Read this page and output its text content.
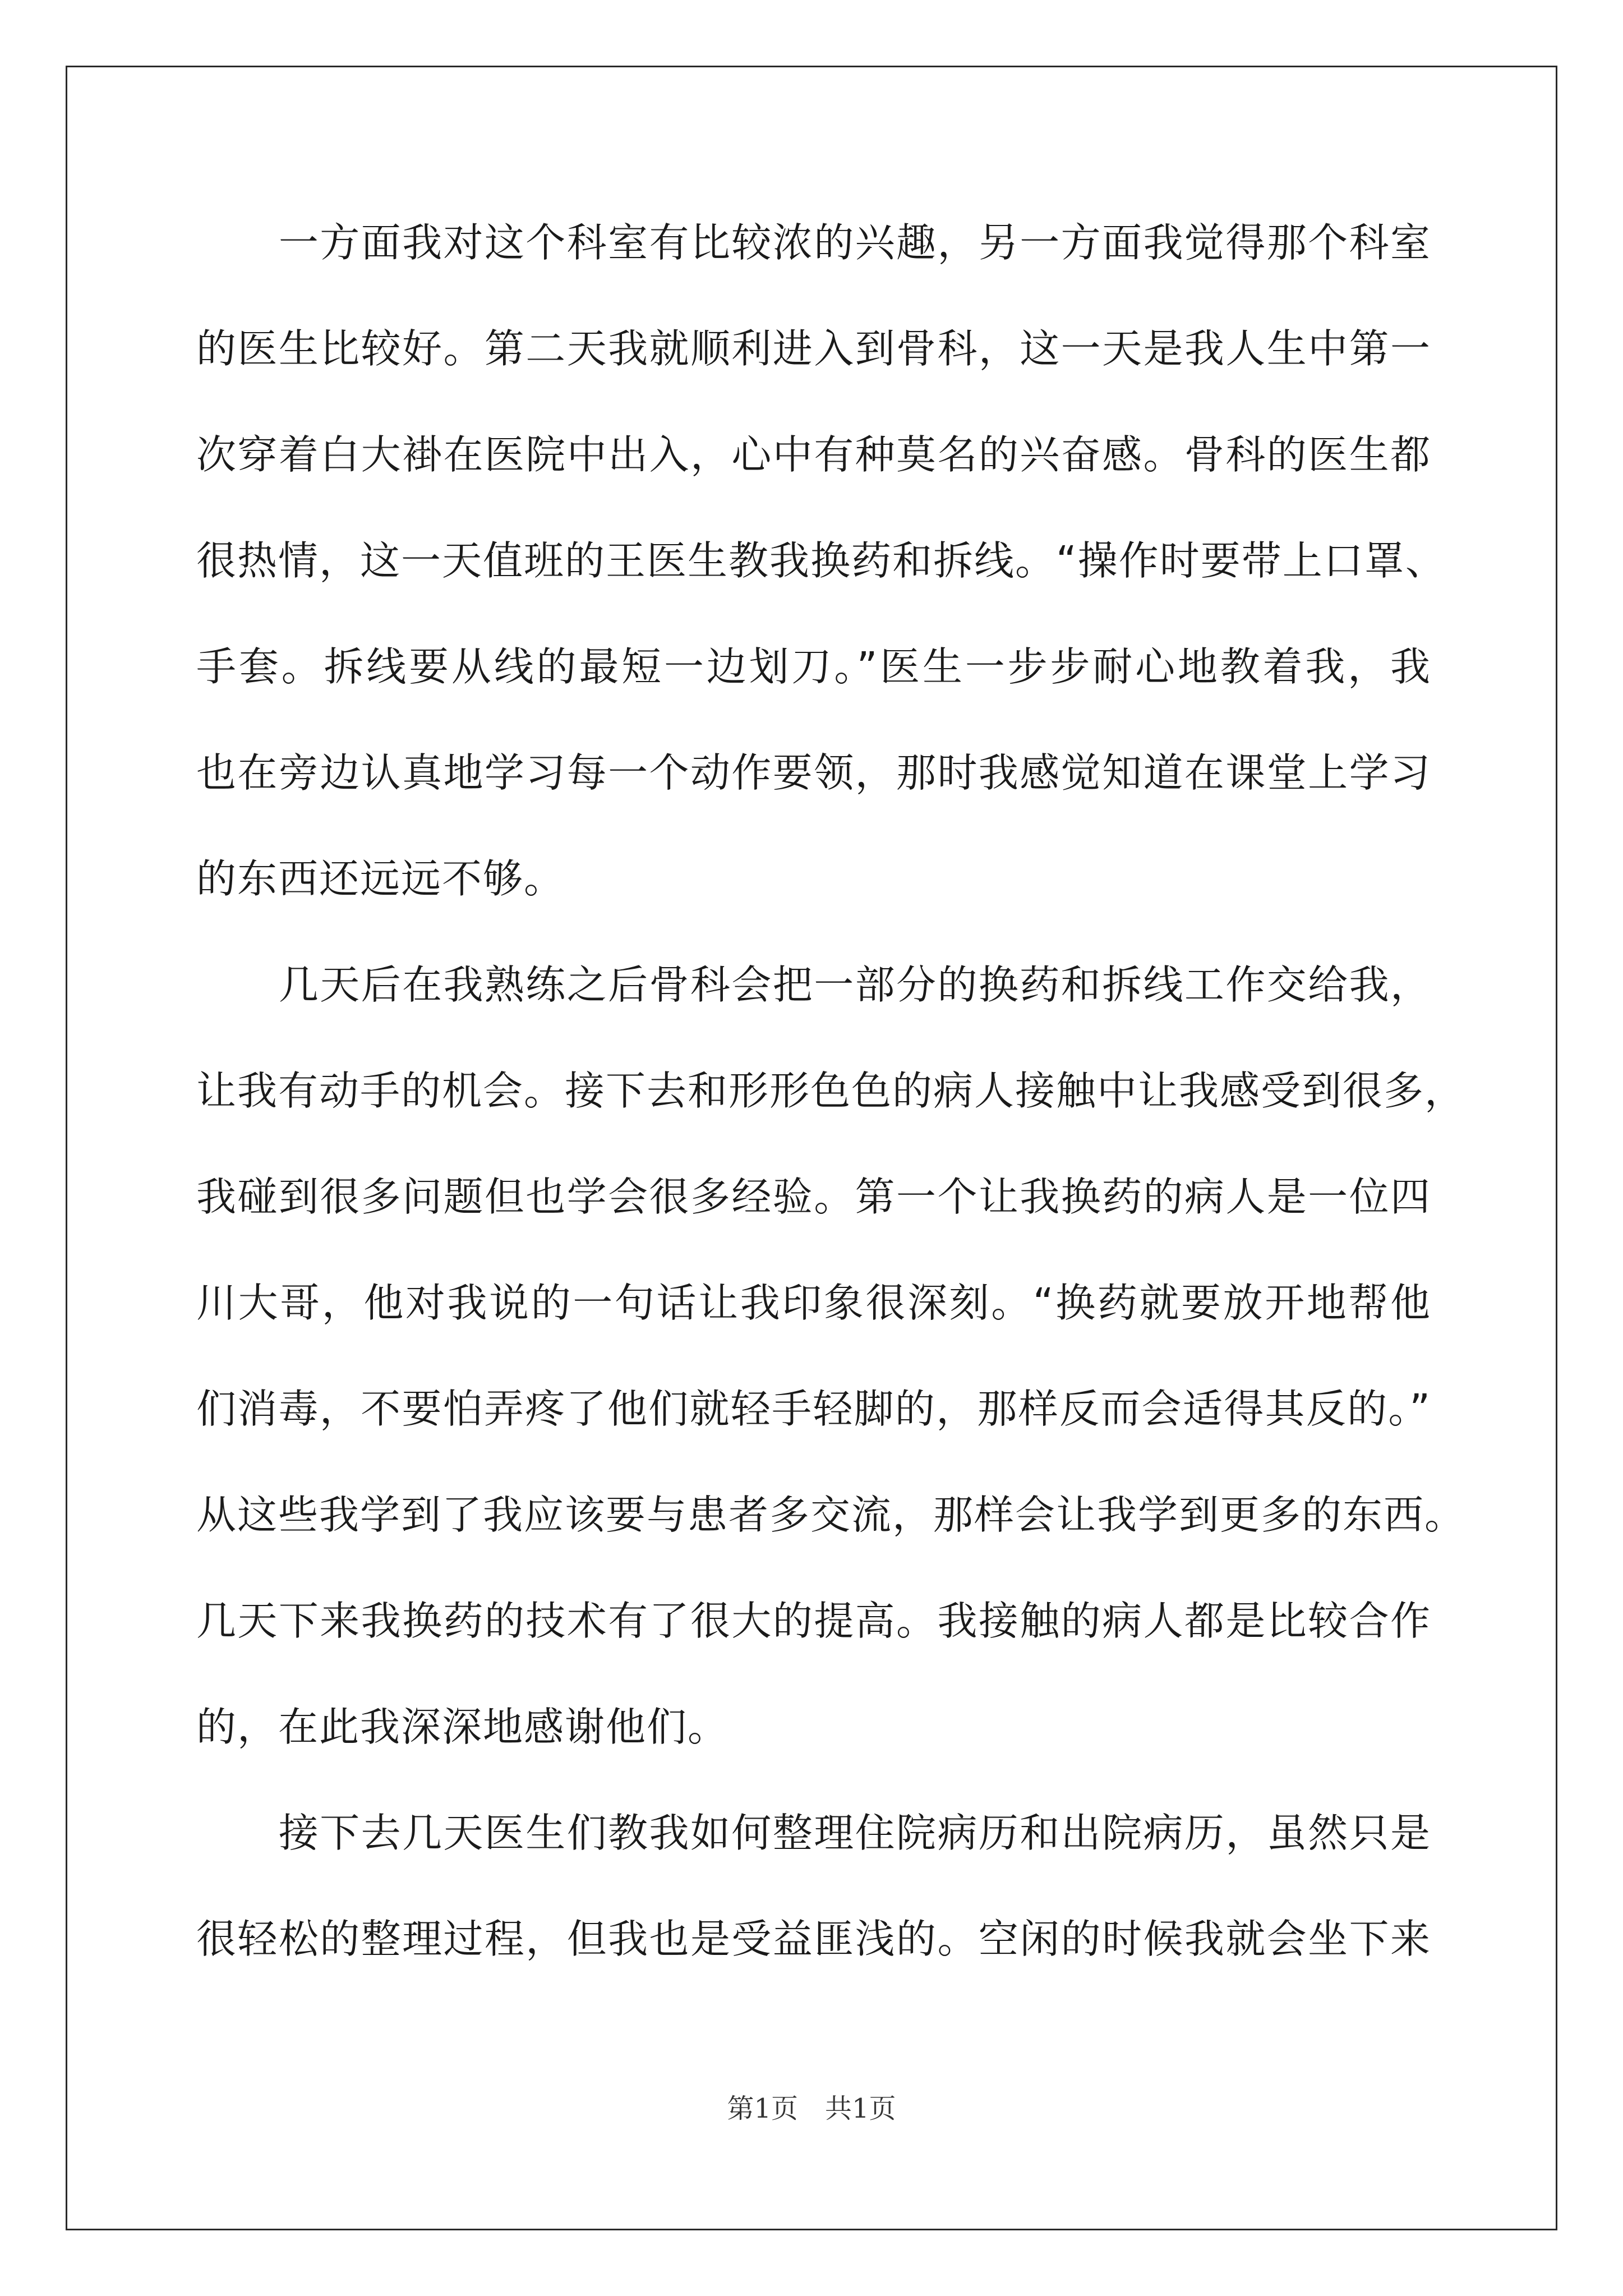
　　一方面我对这个科室有比较浓的兴趣，另一方面我觉得那个科室
的医生比较好。第二天我就顺利进入到骨科，这一天是我人生中第一
次穿着白大褂在医院中出入，心中有种莫名的兴奋感。骨科的医生都
很热情，这一天值班的王医生教我换药和拆线。“操作时要带上口罩、
手套。拆线要从线的最短一边划刀。”医生一步步耐心地教着我，我
也在旁边认真地学习每一个动作要领，那时我感觉知道在课堂上学习
的东西还远远不够。
　　几天后在我熟练之后骨科会把一部分的换药和拆线工作交给我，
让我有动手的机会。接下去和形形色色的病人接触中让我感受到很多，
我碰到很多问题但也学会很多经验。第一个让我换药的病人是一位四
川大哥，他对我说的一句话让我印象很深刻。“换药就要放开地帮他
们消毒，不要怕弄疼了他们就轻手轻脚的，那样反而会适得其反的。”
从这些我学到了我应该要与患者多交流，那样会让我学到更多的东西。
几天下来我换药的技术有了很大的提高。我接触的病人都是比较合作
的，在此我深深地感谢他们。
　　接下去几天医生们教我如何整理住院病历和出院病历，虽然只是
很轻松的整理过程，但我也是受益匪浅的。空闲的时候我就会坐下来
第1页　共1页
